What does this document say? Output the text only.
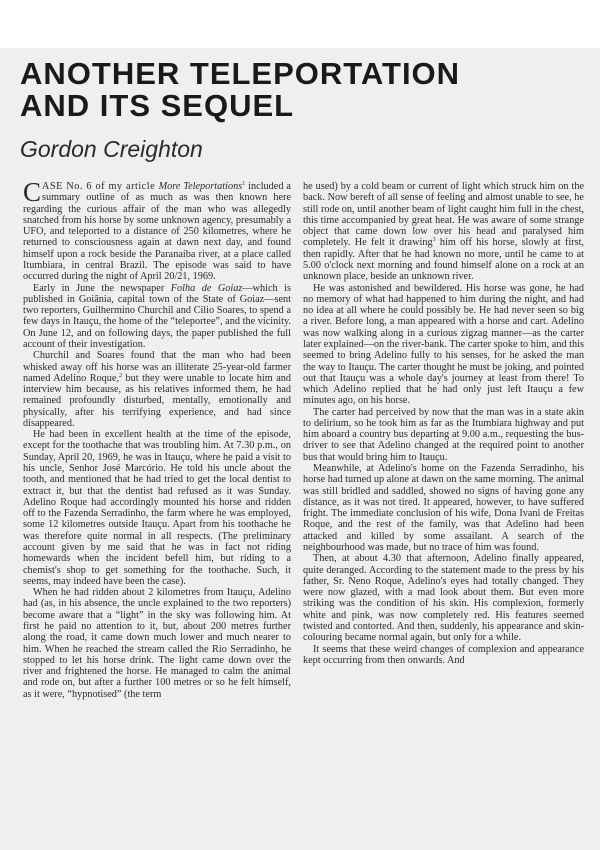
ANOTHER TELEPORTATION
AND ITS SEQUEL

Gordon Creighton

CASE No. 6 of my article More Teleportations$^1$ included a summary outline of as much as was then known here regarding the curious affair of the man who was allegedly snatched from his horse by some unknown agency, presumably a UFO, and teleported to a distance of 250 kilometres, where he returned to consciousness again at dawn next day, and found himself upon a rock beside the Paranaíba river, at a place called Itumbiara, in central Brazil. The episode was said to have occurred during the night of April 20/21, 1969.

Early in June the newspaper Folha de Goiaz—which is published in Goiânia, capital town of the State of Goiaz—sent two reporters, Guilhermino Churchil and Cilio Soares, to spend a few days in Itauçu, the home of the “teleportee”, and the vicinity. On June 12, and on following days, the paper published the full account of their investigation.

Churchil and Soares found that the man who had been whisked away off his horse was an illiterate 25-year-old farmer named Adelino Roque,$^2$ but they were unable to locate him and interview him because, as his relatives informed them, he had remained profoundly disturbed, mentally, emotionally and physically, after his terrifying experience, and had since disappeared.

He had been in excellent health at the time of the episode, except for the toothache that was troubling him. At 7.30 p.m., on Sunday, April 20, 1969, he was in Itauçu, where he paid a visit to his uncle, Senhor José Marcório. He told his uncle about the tooth, and mentioned that he had tried to get the local dentist to extract it, but that the dentist had refused as it was Sunday. Adelino Roque had accordingly mounted his horse and ridden off to the Fazenda Serradinho, the farm where he was employed, some 12 kilometres outside Itauçu. Apart from his toothache he was therefore quite normal in all respects. (The preliminary account given by me said that he was in fact not riding homewards when the incident befell him, but riding to a chemist's shop to get something for the toothache. Such, it seems, may indeed have been the case).

When he had ridden about 2 kilometres from Itauçu, Adelino had (as, in his absence, the uncle explained to the two reporters) become aware that a “light” in the sky was following him. At first he paid no attention to it, but, about 200 metres further along the road, it came down much lower and much nearer to him. When he reached the stream called the Rio Serradinho, he stopped to let his horse drink. The light came down over the river and frightened the horse. He managed to calm the animal and rode on, but after a further 100 metres or so he felt himself, as it were, “hypnotised” (the term

he used) by a cold beam or current of light which struck him on the back. Now bereft of all sense of feeling and almost unable to see, he still rode on, until another beam of light caught him full in the chest, this time accompanied by great heat. He was aware of some strange object that came down low over his head and paralysed him completely. He felt it drawing$^3$ him off his horse, slowly at first, then rapidly. After that he had known no more, until he came to at 5.00 o'clock next morning and found himself alone on a rock at an unknown place, beside an unknown river.

He was astonished and bewildered. His horse was gone, he had no memory of what had happened to him during the night, and had no idea at all where he could possibly be. He had never seen so big a river. Before long, a man appeared with a horse and cart. Adelino was now walking along in a curious zigzag manner—as the carter later explained—on the river-bank. The carter spoke to him, and this seemed to bring Adelino fully to his senses, for he asked the man the way to Itauçu. The carter thought he must be joking, and pointed out that Itauçu was a whole day's journey at least from there! To which Adelino replied that he had only just left Itauçu a few minutes ago, on his horse.

The carter had perceived by now that the man was in a state akin to delirium, so he took him as far as the Itumbiara highway and put him aboard a country bus departing at 9.00 a.m., requesting the bus-driver to see that Adelino changed at the required point to another bus that would bring him to Itauçu.

Meanwhile, at Adelino's home on the Fazenda Serradinho, his horse had turned up alone at dawn on the same morning. The animal was still bridled and saddled, showed no signs of having gone any distance, as it was not tired. It appeared, however, to have suffered fright. The immediate conclusion of his wife, Dona Ivani de Freitas Roque, and the rest of the family, was that Adelino had been attacked and killed by some assailant. A search of the neighbourhood was made, but no trace of him was found.

Then, at about 4.30 that afternoon, Adelino finally appeared, quite deranged. According to the statement made to the press by his father, Sr. Neno Roque, Adelino's eyes had totally changed. They were now glazed, with a mad look about them. But even more striking was the condition of his skin. His complexion, formerly white and pink, was now completely red. His features seemed twisted and contorted. And then, suddenly, his appearance and skin-colouring became normal again, but only for a while.

It seems that these weird changes of complexion and appearance kept occurring from then onwards. And
